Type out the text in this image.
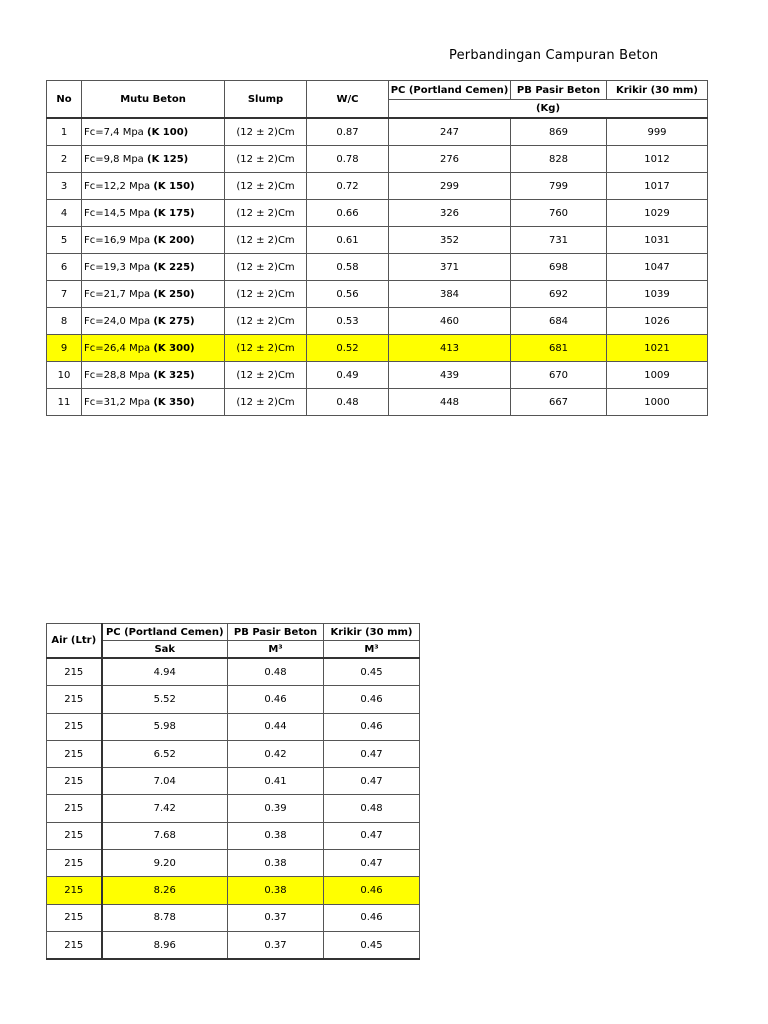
Perbandingan Campuran Beton
No	Mutu Beton	Slump	W/C	PC (Portland Cemen)	PB Pasir Beton	Krikir (30 mm)
				(Kg)		
1	Fc=7,4 Mpa (K 100)	(12 ± 2)Cm	0.87	247	869	999
2	Fc=9,8 Mpa (K 125)	(12 ± 2)Cm	0.78	276	828	1012
3	Fc=12,2 Mpa (K 150)	(12 ± 2)Cm	0.72	299	799	1017
4	Fc=14,5 Mpa (K 175)	(12 ± 2)Cm	0.66	326	760	1029
5	Fc=16,9 Mpa (K 200)	(12 ± 2)Cm	0.61	352	731	1031
6	Fc=19,3 Mpa (K 225)	(12 ± 2)Cm	0.58	371	698	1047
7	Fc=21,7 Mpa (K 250)	(12 ± 2)Cm	0.56	384	692	1039
8	Fc=24,0 Mpa (K 275)	(12 ± 2)Cm	0.53	460	684	1026
9	Fc=26,4 Mpa (K 300)	(12 ± 2)Cm	0.52	413	681	1021
10	Fc=28,8 Mpa (K 325)	(12 ± 2)Cm	0.49	439	670	1009
11	Fc=31,2 Mpa (K 350)	(12 ± 2)Cm	0.48	448	667	1000
Air (Ltr)	PC (Portland Cemen)	PB Pasir Beton	Krikir (30 mm)
	Sak	M³	M³
215	4.94	0.48	0.45
215	5.52	0.46	0.46
215	5.98	0.44	0.46
215	6.52	0.42	0.47
215	7.04	0.41	0.47
215	7.42	0.39	0.48
215	7.68	0.38	0.47
215	9.20	0.38	0.47
215	8.26	0.38	0.46
215	8.78	0.37	0.46
215	8.96	0.37	0.45
